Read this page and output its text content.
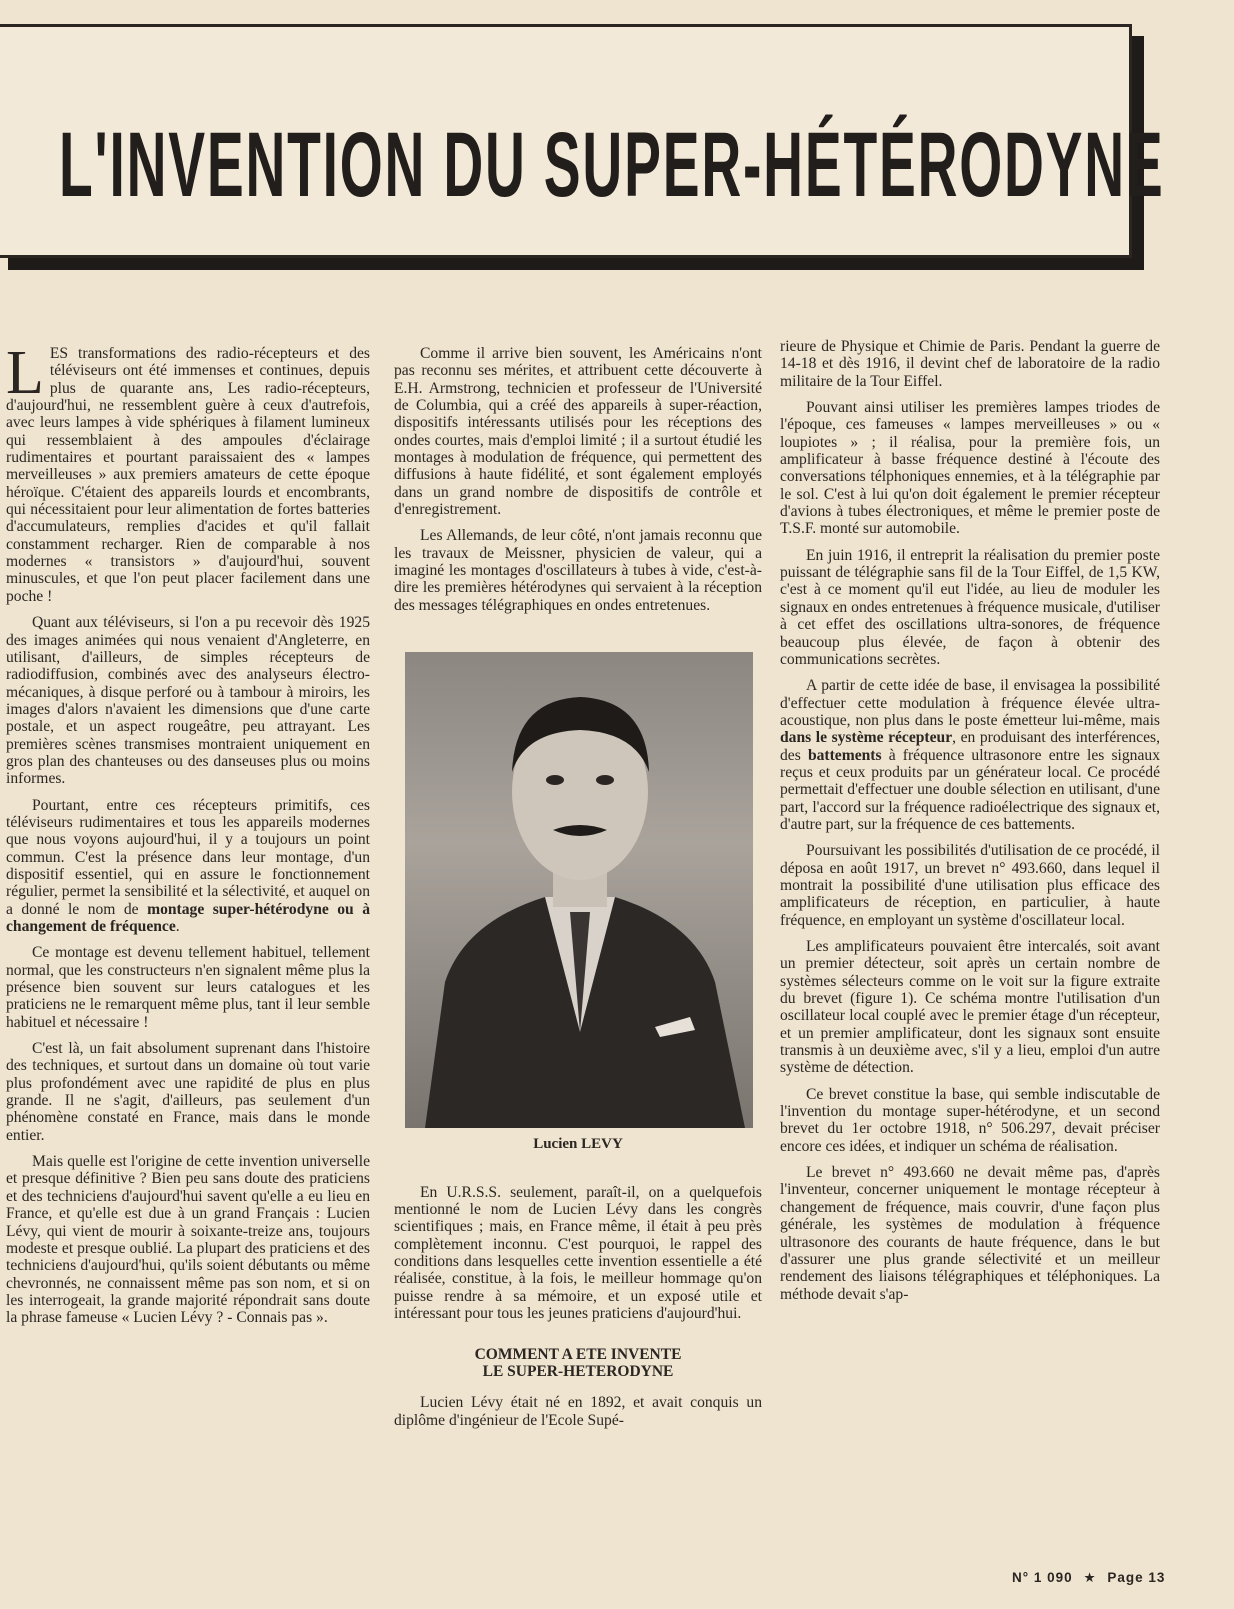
L'INVENTION DU SUPER-HÉTÉRODYNE

LES transformations des radio-récepteurs et des téléviseurs ont été immenses et continues, depuis plus de quarante ans, Les radio-récepteurs, d'aujourd'hui, ne ressemblent guère à ceux d'autrefois, avec leurs lampes à vide sphériques à filament lumineux qui ressemblaient à des ampoules d'éclairage rudimentaires et pourtant paraissaient des « lampes merveilleuses » aux premiers amateurs de cette époque héroïque. C'étaient des appareils lourds et encombrants, qui nécessitaient pour leur alimentation de fortes batteries d'accumulateurs, remplies d'acides et qu'il fallait constamment recharger. Rien de comparable à nos modernes « transistors » d'aujourd'hui, souvent minuscules, et que l'on peut placer facilement dans une poche !

Quant aux téléviseurs, si l'on a pu recevoir dès 1925 des images animées qui nous venaient d'Angleterre, en utilisant, d'ailleurs, de simples récepteurs de radiodiffusion, combinés avec des analyseurs électro-mécaniques, à disque perforé ou à tambour à miroirs, les images d'alors n'avaient les dimensions que d'une carte postale, et un aspect rougeâtre, peu attrayant. Les premières scènes transmises montraient uniquement en gros plan des chanteuses ou des danseuses plus ou moins informes.

Pourtant, entre ces récepteurs primitifs, ces téléviseurs rudimentaires et tous les appareils modernes que nous voyons aujourd'hui, il y a toujours un point commun. C'est la présence dans leur montage, d'un dispositif essentiel, qui en assure le fonctionnement régulier, permet la sensibilité et la sélectivité, et auquel on a donné le nom de montage super-hétérodyne ou à changement de fréquence.

Ce montage est devenu tellement habituel, tellement normal, que les constructeurs n'en signalent même plus la présence bien souvent sur leurs catalogues et les praticiens ne le remarquent même plus, tant il leur semble habituel et nécessaire !

C'est là, un fait absolument suprenant dans l'histoire des techniques, et surtout dans un domaine où tout varie plus profondément avec une rapidité de plus en plus grande. Il ne s'agit, d'ailleurs, pas seulement d'un phénomène constaté en France, mais dans le monde entier.

Mais quelle est l'origine de cette invention universelle et presque définitive ? Bien peu sans doute des praticiens et des techniciens d'aujourd'hui savent qu'elle a eu lieu en France, et qu'elle est due à un grand Français : Lucien Lévy, qui vient de mourir à soixante-treize ans, toujours modeste et presque oublié. La plupart des praticiens et des techniciens d'aujourd'hui, qu'ils soient débutants ou même chevronnés, ne connaissent même pas son nom, et si on les interrogeait, la grande majorité répondrait sans doute la phrase fameuse « Lucien Lévy ? - Connais pas ».

Comme il arrive bien souvent, les Américains n'ont pas reconnu ses mérites, et attribuent cette découverte à E.H. Armstrong, technicien et professeur de l'Université de Columbia, qui a créé des appareils à super-réaction, dispositifs intéressants utilisés pour les réceptions des ondes courtes, mais d'emploi limité ; il a surtout étudié les montages à modulation de fréquence, qui permettent des diffusions à haute fidélité, et sont également employés dans un grand nombre de dispositifs de contrôle et d'enregistrement.

Les Allemands, de leur côté, n'ont jamais reconnu que les travaux de Meissner, physicien de valeur, qui a imaginé les montages d'oscillateurs à tubes à vide, c'est-à-dire les premières hétérodynes qui servaient à la réception des messages télégraphiques en ondes entretenues.

Lucien LEVY

En U.R.S.S. seulement, paraît-il, on a quelquefois mentionné le nom de Lucien Lévy dans les congrès scientifiques ; mais, en France même, il était à peu près complètement inconnu. C'est pourquoi, le rappel des conditions dans lesquelles cette invention essentielle a été réalisée, constitue, à la fois, le meilleur hommage qu'on puisse rendre à sa mémoire, et un exposé utile et intéressant pour tous les jeunes praticiens d'aujourd'hui.

COMMENT A ETE INVENTE
LE SUPER-HETERODYNE

Lucien Lévy était né en 1892, et avait conquis un diplôme d'ingénieur de l'Ecole Supé-

rieure de Physique et Chimie de Paris. Pendant la guerre de 14-18 et dès 1916, il devint chef de laboratoire de la radio militaire de la Tour Eiffel.

Pouvant ainsi utiliser les premières lampes triodes de l'époque, ces fameuses « lampes merveilleuses » ou « loupiotes » ; il réalisa, pour la première fois, un amplificateur à basse fréquence destiné à l'écoute des conversations télphoniques ennemies, et à la télégraphie par le sol. C'est à lui qu'on doit également le premier récepteur d'avions à tubes électroniques, et même le premier poste de T.S.F. monté sur automobile.

En juin 1916, il entreprit la réalisation du premier poste puissant de télégraphie sans fil de la Tour Eiffel, de 1,5 KW, c'est à ce moment qu'il eut l'idée, au lieu de moduler les signaux en ondes entretenues à fréquence musicale, d'utiliser à cet effet des oscillations ultra-sonores, de fréquence beaucoup plus élevée, de façon à obtenir des communications secrètes.

A partir de cette idée de base, il envisagea la possibilité d'effectuer cette modulation à fréquence élevée ultra-acoustique, non plus dans le poste émetteur lui-même, mais dans le système récepteur, en produisant des interférences, des battements à fréquence ultrasonore entre les signaux reçus et ceux produits par un générateur local. Ce procédé permettait d'effectuer une double sélection en utilisant, d'une part, l'accord sur la fréquence radioélectrique des signaux et, d'autre part, sur la fréquence de ces battements.

Poursuivant les possibilités d'utilisation de ce procédé, il déposa en août 1917, un brevet n° 493.660, dans lequel il montrait la possibilité d'une utilisation plus efficace des amplificateurs de réception, en particulier, à haute fréquence, en employant un système d'oscillateur local.

Les amplificateurs pouvaient être intercalés, soit avant un premier détecteur, soit après un certain nombre de systèmes sélecteurs comme on le voit sur la figure extraite du brevet (figure 1). Ce schéma montre l'utilisation d'un oscillateur local couplé avec le premier étage d'un récepteur, et un premier amplificateur, dont les signaux sont ensuite transmis à un deuxième avec, s'il y a lieu, emploi d'un autre système de détection.

Ce brevet constitue la base, qui semble indiscutable de l'invention du montage super-hétérodyne, et un second brevet du 1er octobre 1918, n° 506.297, devait préciser encore ces idées, et indiquer un schéma de réalisation.

Le brevet n° 493.660 ne devait même pas, d'après l'inventeur, concerner uniquement le montage récepteur à changement de fréquence, mais couvrir, d'une façon plus générale, les systèmes de modulation à fréquence ultrasonore des courants de haute fréquence, dans le but d'assurer une plus grande sélectivité et un meilleur rendement des liaisons télégraphiques et téléphoniques. La méthode devait s'ap-

N° 1 090 ★ Page 13
